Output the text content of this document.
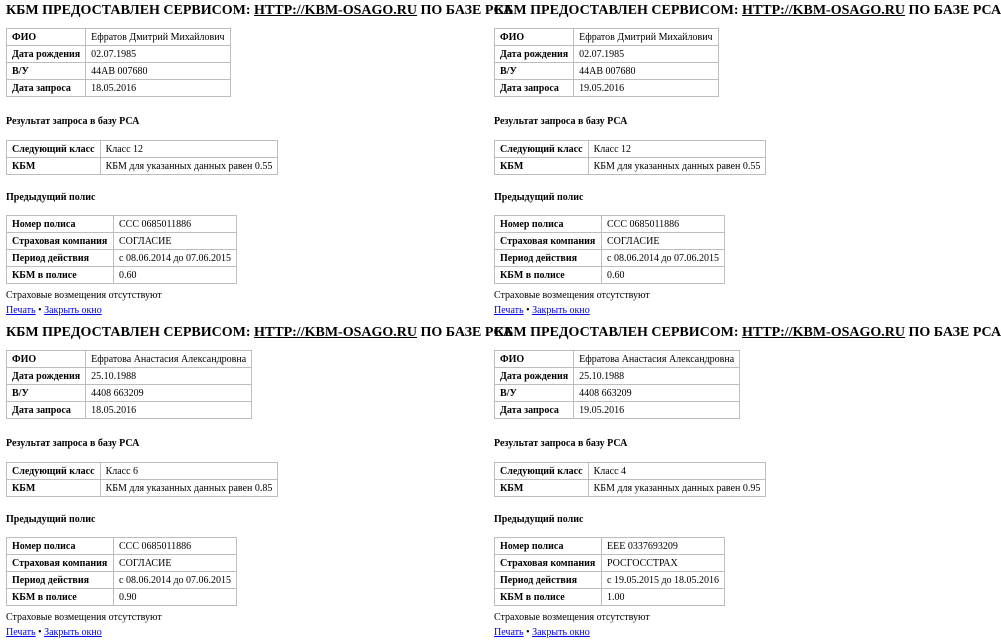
КБМ ПРЕДОСТАВЛЕН СЕРВИСОМ: HTTP://KBM-OSAGO.RU ПО БАЗЕ РСА
ФИО	Ефратов Дмитрий Михайлович
Дата рождения	02.07.1985
В/У	44АВ 007680
Дата запроса	18.05.2016
Результат запроса в базу РСА
Следующий класс	Класс 12
КБМ	КБМ для указанных данных равен 0.55
Предыдущий полис
Номер полиса	ССС 0685011886
Страховая компания	СОГЛАСИЕ
Период действия	с 08.06.2014 до 07.06.2015
КБМ в полисе	0.60
Страховые возмещения отсутствуют
Печать • Закрыть окно
КБМ ПРЕДОСТАВЛЕН СЕРВИСОМ: HTTP://KBM-OSAGO.RU ПО БАЗЕ РСА
ФИО	Ефратов Дмитрий Михайлович
Дата рождения	02.07.1985
В/У	44АВ 007680
Дата запроса	19.05.2016
Результат запроса в базу РСА
Следующий класс	Класс 12
КБМ	КБМ для указанных данных равен 0.55
Предыдущий полис
Номер полиса	ССС 0685011886
Страховая компания	СОГЛАСИЕ
Период действия	с 08.06.2014 до 07.06.2015
КБМ в полисе	0.60
Страховые возмещения отсутствуют
Печать • Закрыть окно
КБМ ПРЕДОСТАВЛЕН СЕРВИСОМ: HTTP://KBM-OSAGO.RU ПО БАЗЕ РСА
ФИО	Ефратова Анастасия Александровна
Дата рождения	25.10.1988
В/У	4408 663209
Дата запроса	18.05.2016
Результат запроса в базу РСА
Следующий класс	Класс 6
КБМ	КБМ для указанных данных равен 0.85
Предыдущий полис
Номер полиса	ССС 0685011886
Страховая компания	СОГЛАСИЕ
Период действия	с 08.06.2014 до 07.06.2015
КБМ в полисе	0.90
Страховые возмещения отсутствуют
Печать • Закрыть окно
КБМ ПРЕДОСТАВЛЕН СЕРВИСОМ: HTTP://KBM-OSAGO.RU ПО БАЗЕ РСА
ФИО	Ефратова Анастасия Александровна
Дата рождения	25.10.1988
В/У	4408 663209
Дата запроса	19.05.2016
Результат запроса в базу РСА
Следующий класс	Класс 4
КБМ	КБМ для указанных данных равен 0.95
Предыдущий полис
Номер полиса	ЕЕЕ 0337693209
Страховая компания	РОСГОССТРАХ
Период действия	с 19.05.2015 до 18.05.2016
КБМ в полисе	1.00
Страховые возмещения отсутствуют
Печать • Закрыть окно
